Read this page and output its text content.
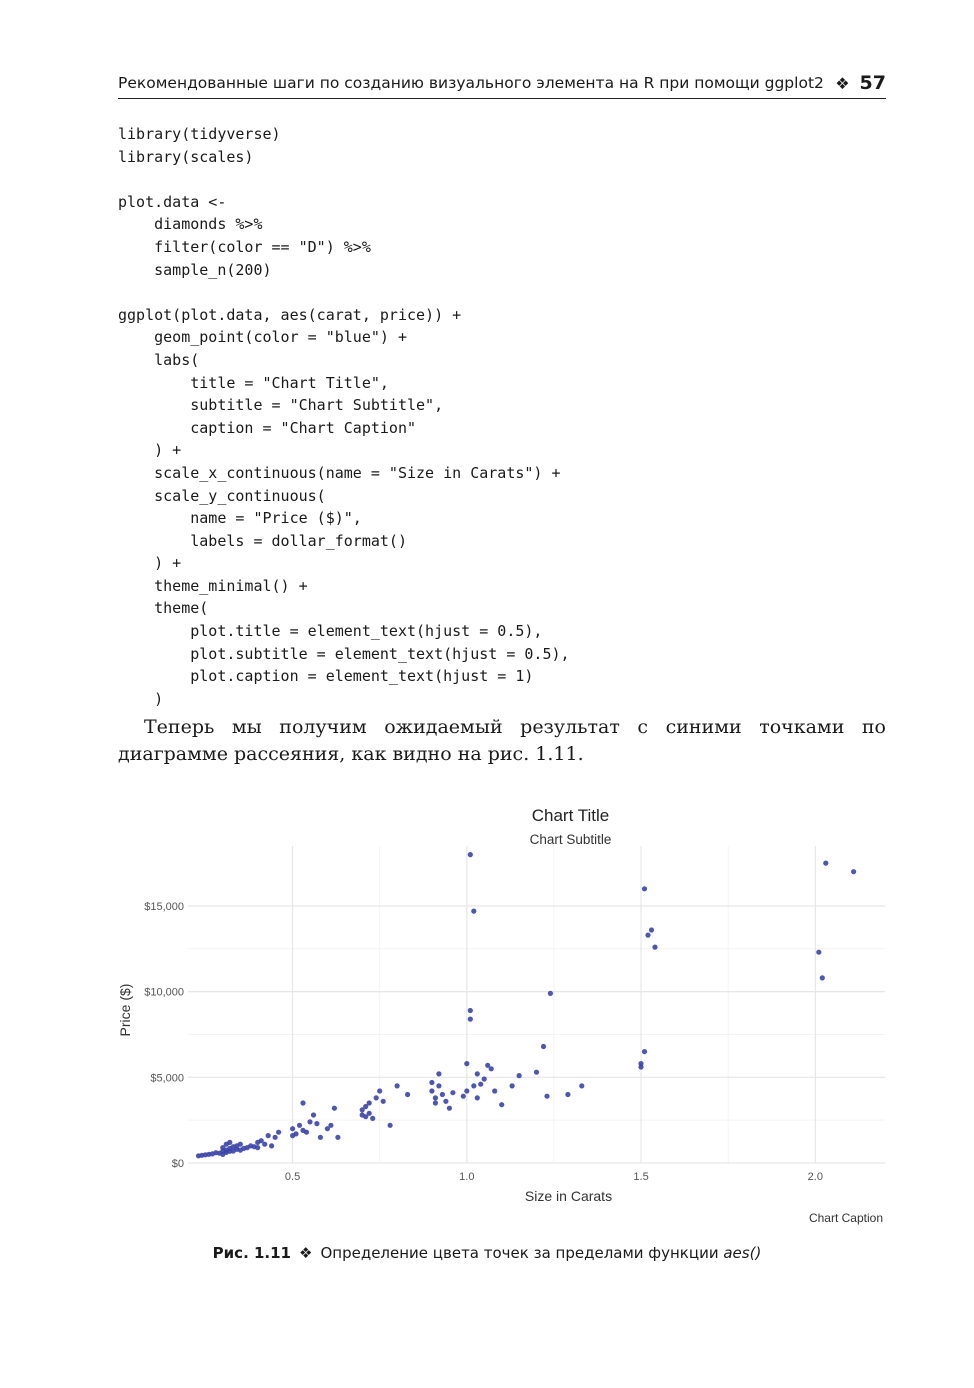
Рекомендованные шаги по созданию визуального элемента на R при помощи ggplot2 ❖ 57
library(tidyverse)
library(scales)

plot.data <-
diamonds %>%
filter(color == "D") %>%
sample_n(200)

ggplot(plot.data, aes(carat, price)) +
geom_point(color = "blue") +
labs(
title = "Chart Title",
subtitle = "Chart Subtitle",
caption = "Chart Caption"
) +
scale_x_continuous(name = "Size in Carats") +
scale_y_continuous(
name = "Price ($)",
labels = dollar_format()
) +
theme_minimal() +
theme(
plot.title = element_text(hjust = 0.5),
plot.subtitle = element_text(hjust = 0.5),
plot.caption = element_text(hjust = 1)
)

Теперь мы получим ожидаемый результат с синими точками по диаграмме рассеяния, как видно на рис. 1.11.

0.5	1.0	1.5	2.0
$0
$5,000
$10,000
$15,000
Chart Title
Chart Subtitle
Size in Carats
Price ($)
Chart Caption
Рис. 1.11 ❖ Определение цвета точек за пределами функции aes()
